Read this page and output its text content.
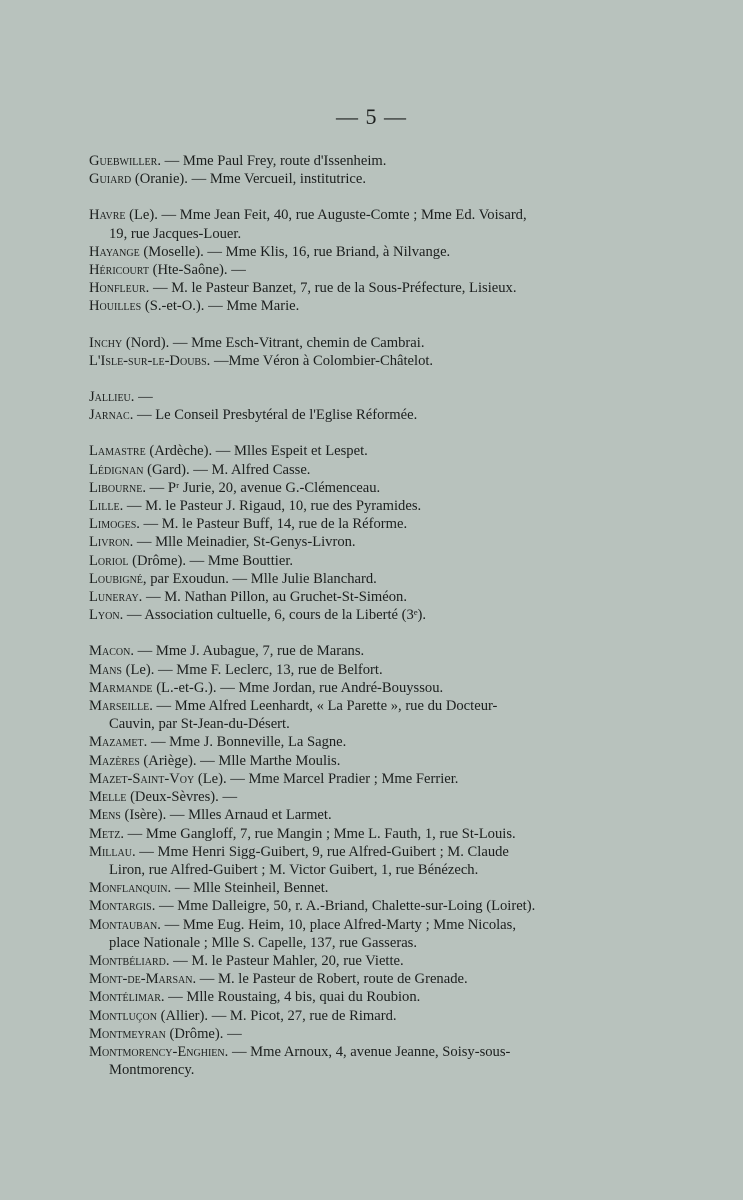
— 5 —
Guebwiller. — Mme Paul Frey, route d'Issenheim.
Guiard (Oranie). — Mme Vercueil, institutrice.
Havre (Le). — Mme Jean Feit, 40, rue Auguste-Comte ; Mme Ed. Voisard,
19, rue Jacques-Louer.
Hayange (Moselle). — Mme Klis, 16, rue Briand, à Nilvange.
Héricourt (Hte-Saône). —
Honfleur. — M. le Pasteur Banzet, 7, rue de la Sous-Préfecture, Lisieux.
Houilles (S.-et-O.). — Mme Marie.
Inchy (Nord). — Mme Esch-Vitrant, chemin de Cambrai.
L'Isle-sur-le-Doubs. —Mme Véron à Colombier-Châtelot.
Jallieu. —
Jarnac. — Le Conseil Presbytéral de l'Eglise Réformée.
Lamastre (Ardèche). — Mlles Espeit et Lespet.
Lédignan (Gard). — M. Alfred Casse.
Libourne. — Pʳ Jurie, 20, avenue G.-Clémenceau.
Lille. — M. le Pasteur J. Rigaud, 10, rue des Pyramides.
Limoges. — M. le Pasteur Buff, 14, rue de la Réforme.
Livron. — Mlle Meinadier, St-Genys-Livron.
Loriol (Drôme). — Mme Bouttier.
Loubigné, par Exoudun. — Mlle Julie Blanchard.
Luneray. — M. Nathan Pillon, au Gruchet-St-Siméon.
Lyon. — Association cultuelle, 6, cours de la Liberté (3ᵉ).
Macon. — Mme J. Aubague, 7, rue de Marans.
Mans (Le). — Mme F. Leclerc, 13, rue de Belfort.
Marmande (L.-et-G.). — Mme Jordan, rue André-Bouyssou.
Marseille. — Mme Alfred Leenhardt, « La Parette », rue du Docteur-
Cauvin, par St-Jean-du-Désert.
Mazamet. — Mme J. Bonneville, La Sagne.
Mazères (Ariège). — Mlle Marthe Moulis.
Mazet-Saint-Voy (Le). — Mme Marcel Pradier ; Mme Ferrier.
Melle (Deux-Sèvres). —
Mens (Isère). — Mlles Arnaud et Larmet.
Metz. — Mme Gangloff, 7, rue Mangin ; Mme L. Fauth, 1, rue St-Louis.
Millau. — Mme Henri Sigg-Guibert, 9, rue Alfred-Guibert ; M. Claude
Liron, rue Alfred-Guibert ; M. Victor Guibert, 1, rue Bénézech.
Monflanquin. — Mlle Steinheil, Bennet.
Montargis. — Mme Dalleigre, 50, r. A.-Briand, Chalette-sur-Loing (Loiret).
Montauban. — Mme Eug. Heim, 10, place Alfred-Marty ; Mme Nicolas,
place Nationale ; Mlle S. Capelle, 137, rue Gasseras.
Montbéliard. — M. le Pasteur Mahler, 20, rue Viette.
Mont-de-Marsan. — M. le Pasteur de Robert, route de Grenade.
Montélimar. — Mlle Roustaing, 4 bis, quai du Roubion.
Montluçon (Allier). — M. Picot, 27, rue de Rimard.
Montmeyran (Drôme). —
Montmorency-Enghien. — Mme Arnoux, 4, avenue Jeanne, Soisy-sous-
Montmorency.
